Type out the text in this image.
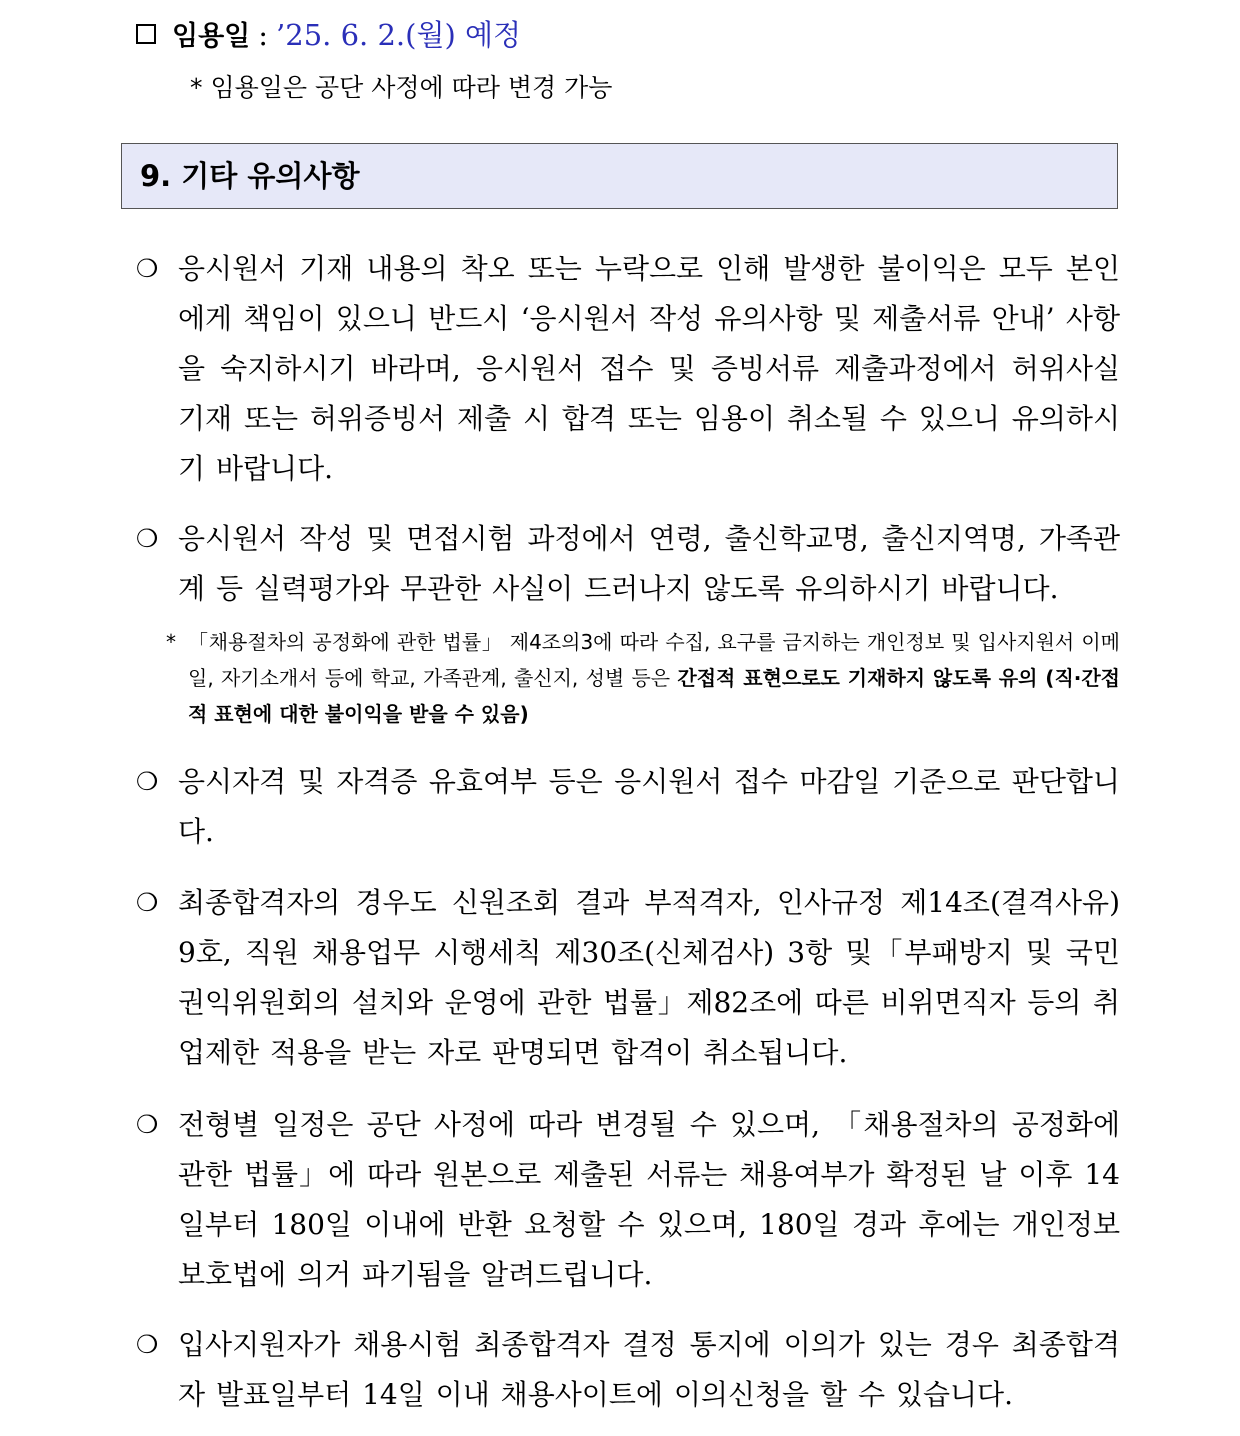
임용일 : ’25. 6. 2.(월) 예정
* 임용일은 공단 사정에 따라 변경 가능
9. 기타 유의사항
❍ 응시원서 기재 내용의 착오 또는 누락으로 인해 발생한 불이익은 모두 본인에게 책임이 있으니 반드시 ‘응시원서 작성 유의사항 및 제출서류 안내’ 사항을 숙지하시기 바라며, 응시원서 접수 및 증빙서류 제출과정에서 허위사실 기재 또는 허위증빙서 제출 시 합격 또는 임용이 취소될 수 있으니 유의하시기 바랍니다.
❍ 응시원서 작성 및 면접시험 과정에서 연령, 출신학교명, 출신지역명, 가족관계 등 실력평가와 무관한 사실이 드러나지 않도록 유의하시기 바랍니다.
* 「채용절차의 공정화에 관한 법률」 제4조의3에 따라 수집, 요구를 금지하는 개인정보 및 입사지원서 이메일, 자기소개서 등에 학교, 가족관계, 출신지, 성별 등은 간접적 표현으로도 기재하지 않도록 유의 (직·간접적 표현에 대한 불이익을 받을 수 있음)
❍ 응시자격 및 자격증 유효여부 등은 응시원서 접수 마감일 기준으로 판단합니다.
❍ 최종합격자의 경우도 신원조회 결과 부적격자, 인사규정 제14조(결격사유) 9호, 직원 채용업무 시행세칙 제30조(신체검사) 3항 및「부패방지 및 국민권익위원회의 설치와 운영에 관한 법률」제82조에 따른 비위면직자 등의 취업제한 적용을 받는 자로 판명되면 합격이 취소됩니다.
❍ 전형별 일정은 공단 사정에 따라 변경될 수 있으며, 「채용절차의 공정화에 관한 법률」에 따라 원본으로 제출된 서류는 채용여부가 확정된 날 이후 14일부터 180일 이내에 반환 요청할 수 있으며, 180일 경과 후에는 개인정보보호법에 의거 파기됨을 알려드립니다.
❍ 입사지원자가 채용시험 최종합격자 결정 통지에 이의가 있는 경우 최종합격자 발표일부터 14일 이내 채용사이트에 이의신청을 할 수 있습니다.
